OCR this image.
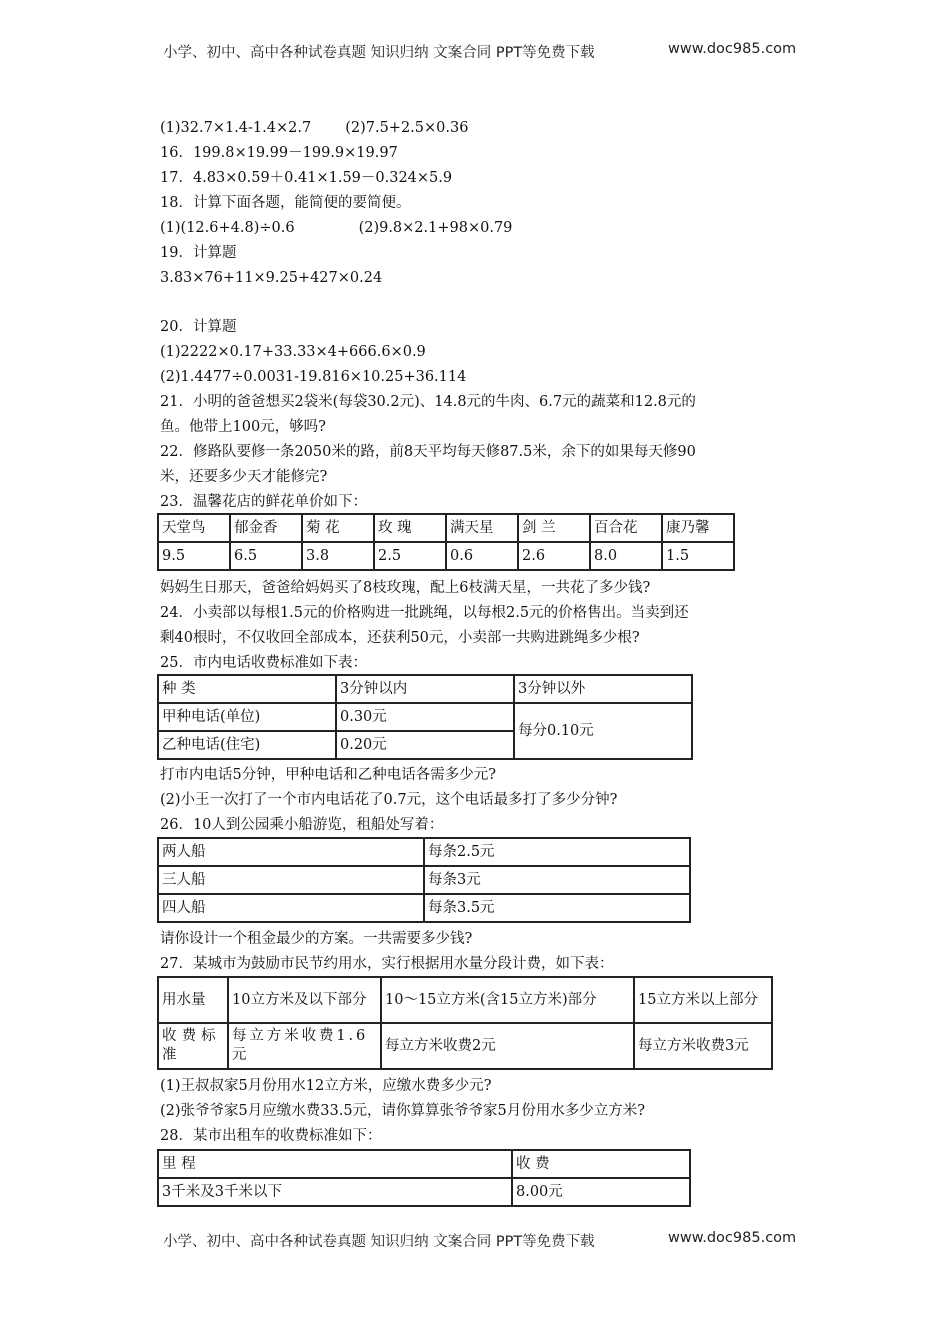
小学、初中、高中各种试卷真题 知识归纳 文案合同 PPT等免费下载	www.doc985.com
(1)32.7×1.4-1.4×2.7 (2)7.5+2.5×0.36
16．199.8×19.99－199.9×19.97
17．4.83×0.59＋0.41×1.59－0.324×5.9
18．计算下面各题，能简便的要简便。
(1)(12.6+4.8)÷0.6	(2)9.8×2.1+98×0.79
19．计算题
3.83×76+11×9.25+427×0.24
20．计算题
(1)2222×0.17+33.33×4+666.6×0.9
(2)1.4477÷0.0031-19.816×10.25+36.114
21．小明的爸爸想买2袋米(每袋30.2元)、14.8元的牛肉、6.7元的蔬菜和12.8元的
鱼。他带上100元，够吗?
22．修路队要修一条2050米的路，前8天平均每天修87.5米，余下的如果每天修90
米，还要多少天才能修完?
23．温馨花店的鲜花单价如下：
天堂鸟	郁金香	菊 花	玫 瑰	满天星	剑 兰	百合花	康乃馨
9.5	6.5	3.8	2.5	0.6	2.6	8.0	1.5
妈妈生日那天，爸爸给妈妈买了8枝玫瑰，配上6枝满天星，一共花了多少钱?
24．小卖部以每根1.5元的价格购进一批跳绳，以每根2.5元的价格售出。当卖到还
剩40根时，不仅收回全部成本，还获利50元，小卖部一共购进跳绳多少根?
25．市内电话收费标准如下表：
种 类	3分钟以内	3分钟以外
甲种电话(单位)	0.30元	每分0.10元
乙种电话(住宅)	0.20元	
打市内电话5分钟，甲种电话和乙种电话各需多少元?
(2)小王一次打了一个市内电话花了0.7元，这个电话最多打了多少分钟?
26．10人到公园乘小船游览，租船处写着：
两人船	每条2.5元
三人船	每条3元
四人船	每条3.5元
请你设计一个租金最少的方案。一共需要多少钱?
27．某城市为鼓励市民节约用水，实行根据用水量分段计费，如下表：
用水量	10立方米及以下部分	10～15立方米(含15立方米)部分	15立方米以上部分
收费标准	每立方米收费1.6元	每立方米收费2元	每立方米收费3元
(1)王叔叔家5月份用水12立方米，应缴水费多少元?
(2)张爷爷家5月应缴水费33.5元，请你算算张爷爷家5月份用水多少立方米?
28．某市出租车的收费标准如下：
里 程	收 费
3千米及3千米以下	8.00元
小学、初中、高中各种试卷真题 知识归纳 文案合同 PPT等免费下载	www.doc985.com
